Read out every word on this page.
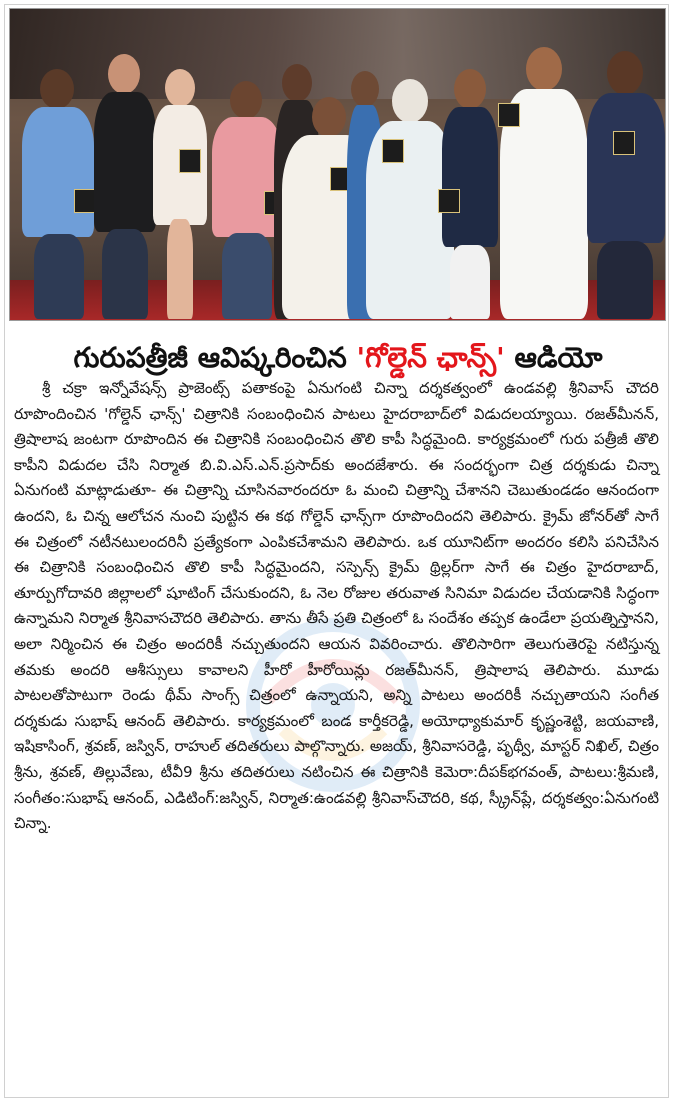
గురుపత్రీజీ ఆవిష్కరించిన 'గోల్డెన్ ఛాన్స్' ఆడియో

శ్రీ చక్రా ఇన్నోవేషన్స్ ప్రాజెంట్స్ పతాకంపై ఏనుగంటి చిన్నా దర్శకత్వంలో ఉండవల్లి శ్రీనివాస్ చౌదరి రూపొందించిన 'గోల్డెన్ ఛాన్స్' చిత్రానికి సంబంధించిన పాటలు హైదరాబాద్‌లో విడుదలయ్యాయి. రజత్‌మీనన్, త్రిషాలాష జంటగా రూపొందిన ఈ చిత్రానికి సంబంధించిన తొలి కాపీ సిద్ధమైంది. కార్యక్రమంలో గురు పత్రీజీ తొలి కాపీని విడుదల చేసి నిర్మాత బి.వి.ఎస్.ఎన్.ప్రసాద్‌కు అందజేశారు. ఈ సందర్భంగా చిత్ర దర్శకుడు చిన్నా ఏనుగంటి మాట్లాడుతూ- ఈ చిత్రాన్ని చూసినవారందరూ ఓ మంచి చిత్రాన్ని చేశానని చెబుతుండడం ఆనందంగా ఉందని, ఓ చిన్న ఆలోచన నుంచి పుట్టిన ఈ కథ గోల్డెన్ ఛాన్స్‌గా రూపొందిందని తెలిపారు. క్రైమ్ జోనర్‌తో సాగే ఈ చిత్రంలో నటీనటులందరినీ ప్రత్యేకంగా ఎంపికచేశామని తెలిపారు. ఒక యూనిట్‌గా అందరం కలిసి పనిచేసిన ఈ చిత్రానికి సంబంధించిన తొలి కాపీ సిద్ధమైందని, సస్పెన్స్ క్రైమ్ థ్రిల్లర్‌గా సాగే ఈ చిత్రం హైదరాబాద్, తూర్పుగోదావరి జిల్లాలలో షూటింగ్ చేసుకుందని, ఓ నెల రోజుల తరువాత సినిమా విడుదల చేయడానికి సిద్ధంగా ఉన్నామని నిర్మాత శ్రీనివాసచౌదరి తెలిపారు. తాను తీసే ప్రతి చిత్రంలో ఓ సందేశం తప్పక ఉండేలా ప్రయత్నిస్తానని, అలా నిర్మించిన ఈ చిత్రం అందరికీ నచ్చుతుందని ఆయన వివరించారు. తొలిసారిగా తెలుగుతెరపై నటిస్తున్న తమకు అందరి ఆశీస్సులు కావాలని హీరో హీరోయిన్లు రజత్‌మీనన్, త్రిషాలాష తెలిపారు. మూడు పాటలతోపాటుగా రెండు థీమ్ సాంగ్స్ చిత్రంలో ఉన్నాయని, అన్ని పాటలు అందరికీ నచ్చుతాయని సంగీత దర్శకుడు సుభాష్ ఆనంద్ తెలిపారు. కార్యక్రమంలో బండ కార్తీకరెడ్డి, అయోధ్యాకుమార్ కృష్ణంశెట్టి, జయవాణి, ఇషికాసింగ్, శ్రవణ్, జస్విన్, రాహుల్ తదితరులు పాల్గొన్నారు. అజయ్, శ్రీనివాసరెడ్డి, పృథ్వీ, మాస్టర్ నిఖిల్, చిత్రం శ్రీను, శ్రవణ్, తిల్లువేణు, టీవీ9 శ్రీను తదితరులు నటించిన ఈ చిత్రానికి కెమెరా:దీపక్‌భగవంత్, పాటలు:శ్రీమణి, సంగీతం:సుభాష్ ఆనంద్, ఎడిటింగ్:జస్విన్, నిర్మాత:ఉండవల్లి శ్రీనివాస్‌చౌదరి, కథ, స్క్రీన్‌ప్లే, దర్శకత్వం:ఏనుగంటి చిన్నా.
